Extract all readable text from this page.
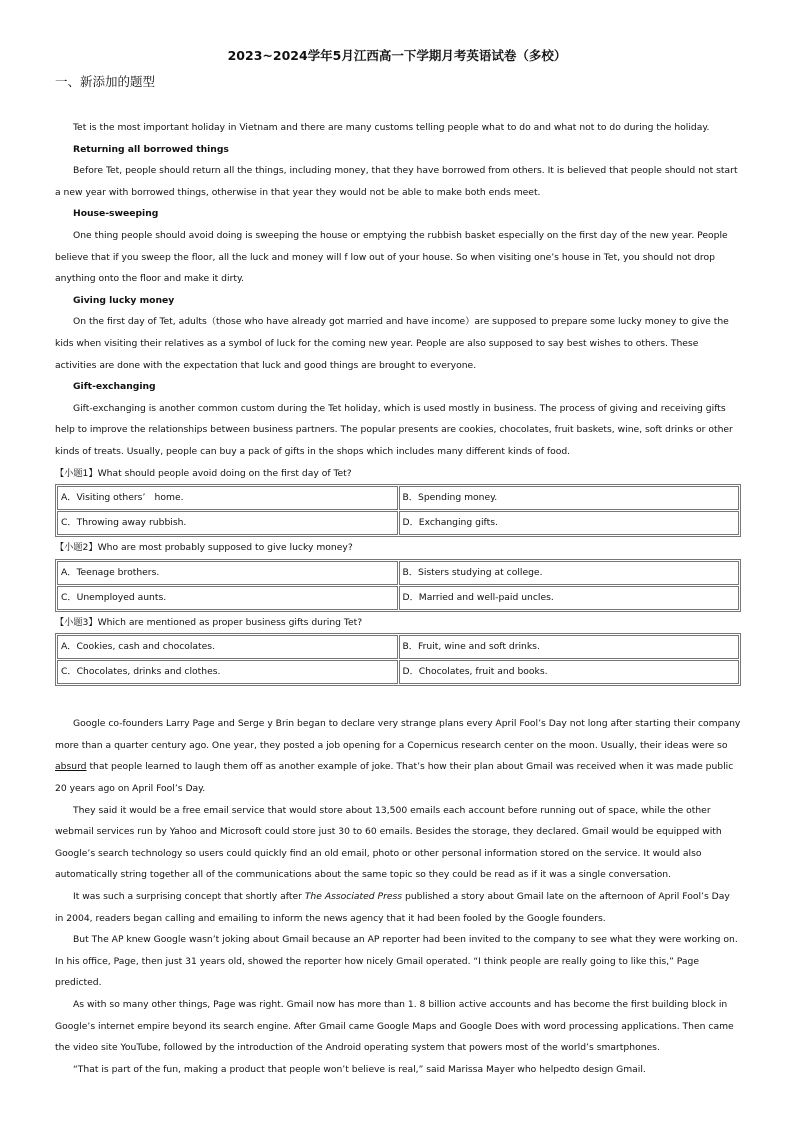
2023~2024学年5月江西高一下学期月考英语试卷（多校）
一、新添加的题型

Tet is the most important holiday in Vietnam and there are many customs telling people what to do and what not to do during the holiday.

Returning all borrowed things

Before Tet, people should return all the things, including money, that they have borrowed from others. It is believed that people should not start a new year with borrowed things, otherwise in that year they would not be able to make both ends meet.

House-sweeping

One thing people should avoid doing is sweeping the house or emptying the rubbish basket especially on the first day of the new year. People believe that if you sweep the floor, all the luck and money will f low out of your house. So when visiting one’s house in Tet, you should not drop anything onto the floor and make it dirty.

Giving lucky money

On the first day of Tet, adults（those who have already got married and have income）are supposed to prepare some lucky money to give the kids when visiting their relatives as a symbol of luck for the coming new year. People are also supposed to say best wishes to others. These activities are done with the expectation that luck and good things are brought to everyone.

Gift-exchanging

Gift-exchanging is another common custom during the Tet holiday, which is used mostly in business. The process of giving and receiving gifts help to improve the relationships between business partners. The popular presents are cookies, chocolates, fruit baskets, wine, soft drinks or other kinds of treats. Usually, people can buy a pack of gifts in the shops which includes many different kinds of food.

【小题1】What should people avoid doing on the first day of Tet?

A．Visiting others’　home.	B．Spending money.
C．Throwing away rubbish.	D．Exchanging gifts.

【小题2】Who are most probably supposed to give lucky money?

A．Teenage brothers.	B．Sisters studying at college.
C．Unemployed aunts.	D．Married and well-paid uncles.

【小题3】Which are mentioned as proper business gifts during Tet?

A．Cookies, cash and chocolates.	B．Fruit, wine and soft drinks.
C．Chocolates, drinks and clothes.	D．Chocolates, fruit and books.

Google co-founders Larry Page and Serge y Brin began to declare very strange plans every April Fool’s Day not long after starting their company more than a quarter century ago. One year, they posted a job opening for a Copernicus research center on the moon. Usually, their ideas were so absurd that people learned to laugh them off as another example of joke. That’s how their plan about Gmail was received when it was made public 20 years ago on April Fool’s Day.

They said it would be a free email service that would store about 13,500 emails each account before running out of space, while the other webmail services run by Yahoo and Microsoft could store just 30 to 60 emails. Besides the storage, they declared. Gmail would be equipped with Google’s search technology so users could quickly find an old email, photo or other personal information stored on the service. It would also automatically string together all of the communications about the same topic so they could be read as if it was a single conversation.

It was such a surprising concept that shortly after The Associated Press published a story about Gmail late on the afternoon of April Fool’s Day in 2004, readers began calling and emailing to inform the news agency that it had been fooled by the Google founders.

But The AP knew Google wasn’t joking about Gmail because an AP reporter had been invited to the company to see what they were working on. In his office, Page, then just 31 years old, showed the reporter how nicely Gmail operated. “I think people are really going to like this,” Page predicted.

As with so many other things, Page was right. Gmail now has more than 1. 8 billion active accounts and has become the first building block in Google’s internet empire beyond its search engine. After Gmail came Google Maps and Google Does with word processing applications. Then came the video site YouTube, followed by the introduction of the Android operating system that powers most of the world’s smartphones.

“That is part of the fun, making a product that people won’t believe is real,” said Marissa Mayer who helpedto design Gmail.
